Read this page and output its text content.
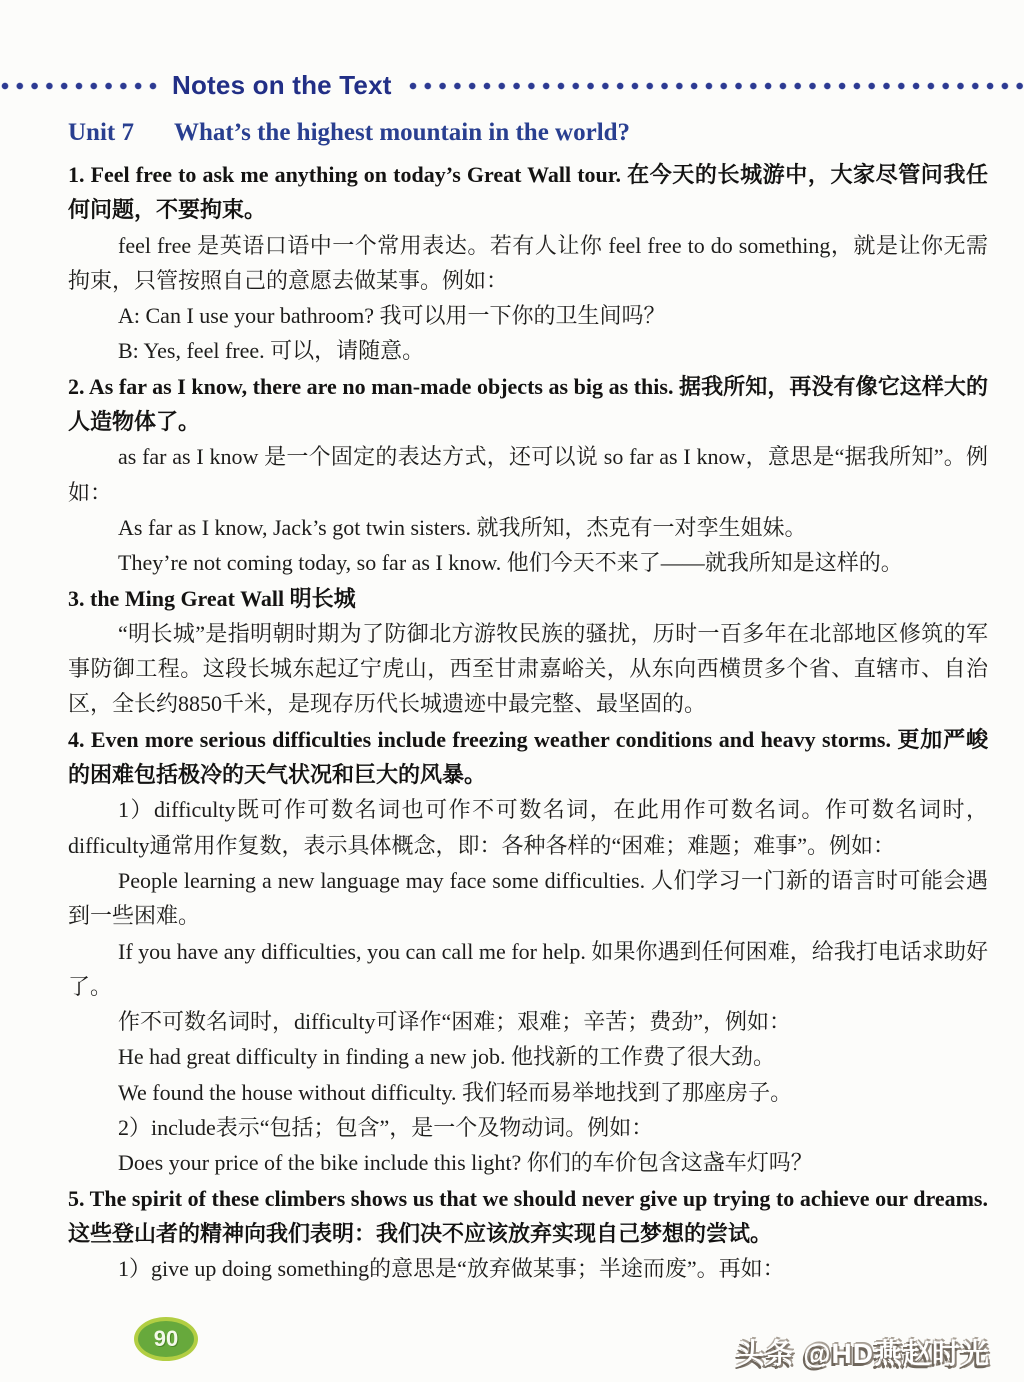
Notes on the Text
Unit 7 What’s the highest mountain in the world?

1. Feel free to ask me anything on today’s Great Wall tour. 在今天的长城游中，大家尽管问我任何问题，不要拘束。

feel free 是英语口语中一个常用表达。若有人让你 feel free to do something，就是让你无需拘束，只管按照自己的意愿去做某事。例如：

A: Can I use your bathroom? 我可以用一下你的卫生间吗？

B: Yes, feel free. 可以，请随意。

2. As far as I know, there are no man-made objects as big as this. 据我所知，再没有像它这样大的人造物体了。

as far as I know 是一个固定的表达方式，还可以说 so far as I know，意思是“据我所知”。例如：

As far as I know, Jack’s got twin sisters. 就我所知，杰克有一对孪生姐妹。

They’re not coming today, so far as I know. 他们今天不来了——就我所知是这样的。

3. the Ming Great Wall 明长城

“明长城”是指明朝时期为了防御北方游牧民族的骚扰，历时一百多年在北部地区修筑的军事防御工程。这段长城东起辽宁虎山，西至甘肃嘉峪关，从东向西横贯多个省、直辖市、自治区，全长约8850千米，是现存历代长城遗迹中最完整、最坚固的。

4. Even more serious difficulties include freezing weather conditions and heavy storms. 更加严峻的困难包括极冷的天气状况和巨大的风暴。

1）difficulty既可作可数名词也可作不可数名词，在此用作可数名词。作可数名词时，difficulty通常用作复数，表示具体概念，即：各种各样的“困难；难题；难事”。例如：

People learning a new language may face some difficulties. 人们学习一门新的语言时可能会遇到一些困难。

If you have any difficulties, you can call me for help. 如果你遇到任何困难，给我打电话求助好了。

作不可数名词时，difficulty可译作“困难；艰难；辛苦；费劲”，例如：

He had great difficulty in finding a new job. 他找新的工作费了很大劲。

We found the house without difficulty. 我们轻而易举地找到了那座房子。

2）include表示“包括；包含”，是一个及物动词。例如：

Does your price of the bike include this light? 你们的车价包含这盏车灯吗？

5. The spirit of these climbers shows us that we should never give up trying to achieve our dreams. 这些登山者的精神向我们表明：我们决不应该放弃实现自己梦想的尝试。

1）give up doing something的意思是“放弃做某事；半途而废”。再如：

90	头条 @HD燕赵时光
